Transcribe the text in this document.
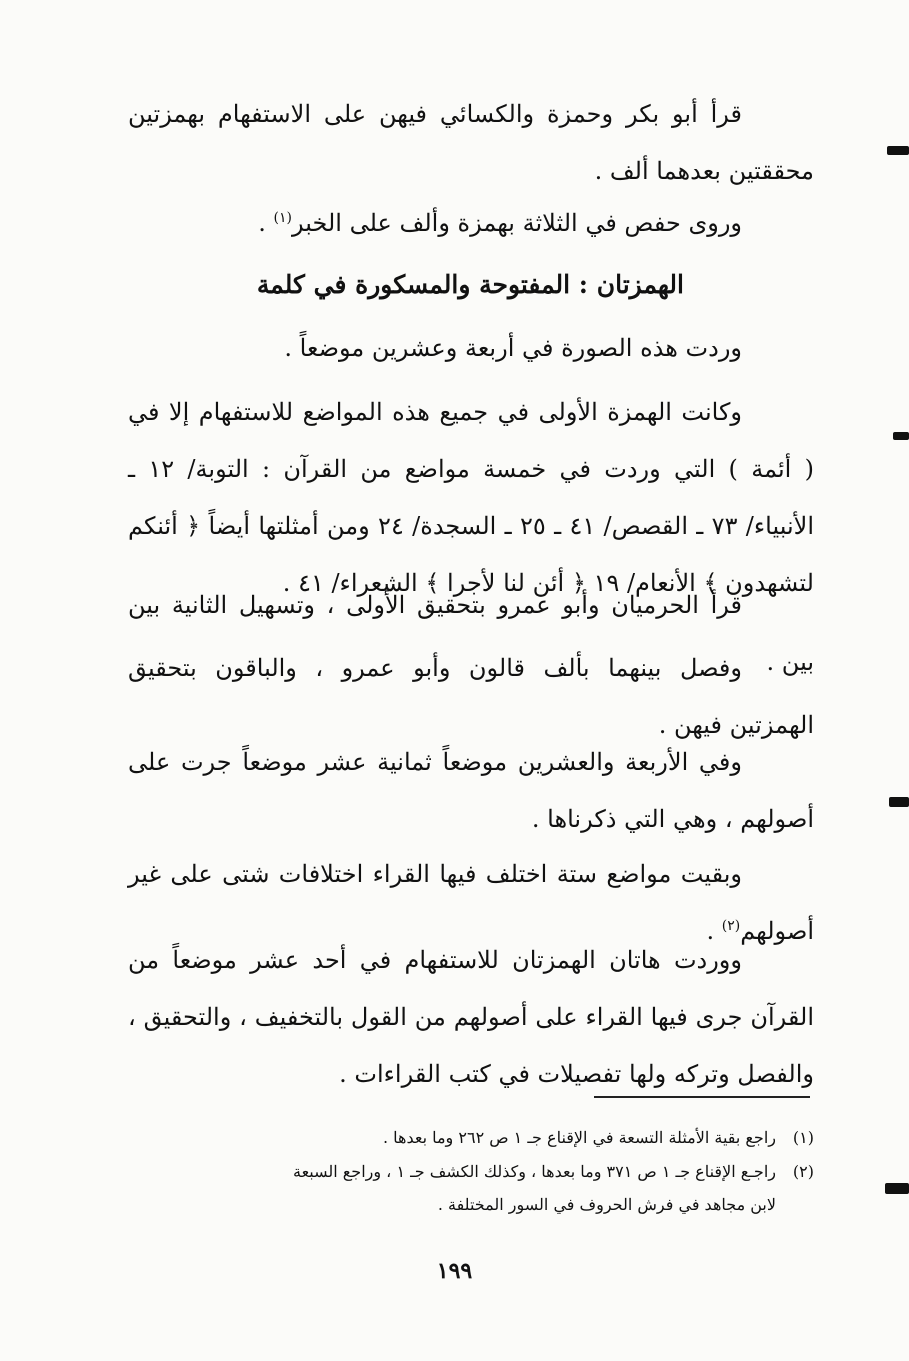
قرأ أبو بكر وحمزة والكسائي فيهن على الاستفهام بهمزتين محققتين بعدهما ألف .

وروى حفص في الثلاثة بهمزة وألف على الخبر$^{(١)}$ .

الهمزتان : المفتوحة والمسكورة في كلمة

وردت هذه الصورة في أربعة وعشرين موضعاً .

وكانت الهمزة الأولى في جميع هذه المواضع للاستفهام إلا في ( أئمة ) التي وردت في خمسة مواضع من القرآن : التوبة/ ١٢ ـ الأنبياء/ ٧٣ ـ القصص/ ٤١ ـ ٢٥ ـ السجدة/ ٢٤ ومن أمثلتها أيضاً ﴿ أئنكم لتشهدون ﴾ الأنعام/ ١٩ ﴿ أئن لنا لأجرا ﴾ الشعراء/ ٤١ .

قرأ الحرميان وأبو عمرو بتحقيق الأولى ، وتسهيل الثانية بين بين .

وفصل بينهما بألف قالون وأبو عمرو ، والباقون بتحقيق الهمزتين فيهن .

وفي الأربعة والعشرين موضعاً ثمانية عشر موضعاً جرت على أصولهم ، وهي التي ذكرناها .

وبقيت مواضع ستة اختلف فيها القراء اختلافات شتى على غير أصولهم$^{(٢)}$ .

ووردت هاتان الهمزتان للاستفهام في أحد عشر موضعاً من القرآن جرى فيها القراء على أصولهم من القول بالتخفيف ، والتحقيق ، والفصل وتركه ولها تفصيلات في كتب القراءات .

(١)راجع بقية الأمثلة التسعة في الإقناع جـ ١ ص ٢٦٢ وما بعدها .

(٢)راجـع الإقناع جـ ١ ص ٣٧١ وما بعدها ، وكذلك الكشف جـ ١ ، وراجع السبعة
لابن مجاهد في فرش الحروف في السور المختلفة .

١٩٩
